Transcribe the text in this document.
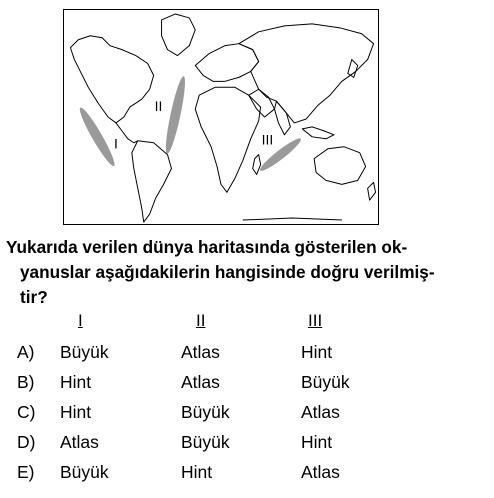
I
II
III
Yukarıda verilen dünya haritasında gösterilen ok-
yanuslar aşağıdakilerin hangisinde doğru verilmiş-
tir?
I	II	III
A) Büyük	Atlas	Hint
B) Hint	Atlas	Büyük
C) Hint	Büyük	Atlas
D) Atlas	Büyük	Hint
E) Büyük	Hint	Atlas
